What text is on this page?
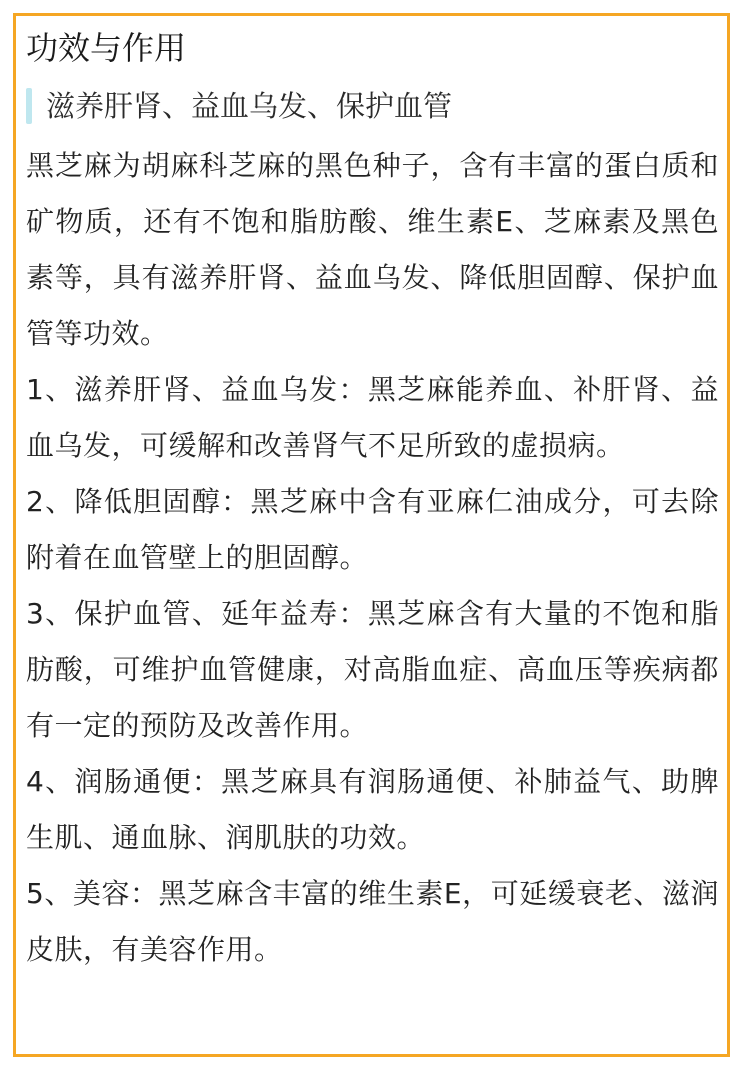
功效与作用
滋养肝肾、益血乌发、保护血管

黑芝麻为胡麻科芝麻的黑色种子，含有丰富的蛋白质和矿物质，还有不饱和脂肪酸、维生素E、芝麻素及黑色素等，具有滋养肝肾、益血乌发、降低胆固醇、保护血管等功效。

1、滋养肝肾、益血乌发：黑芝麻能养血、补肝肾、益血乌发，可缓解和改善肾气不足所致的虚损病。

2、降低胆固醇：黑芝麻中含有亚麻仁油成分，可去除附着在血管壁上的胆固醇。

3、保护血管、延年益寿：黑芝麻含有大量的不饱和脂肪酸，可维护血管健康，对高脂血症、高血压等疾病都有一定的预防及改善作用。

4、润肠通便：黑芝麻具有润肠通便、补肺益气、助脾生肌、通血脉、润肌肤的功效。

5、美容：黑芝麻含丰富的维生素E，可延缓衰老、滋润皮肤，有美容作用。
